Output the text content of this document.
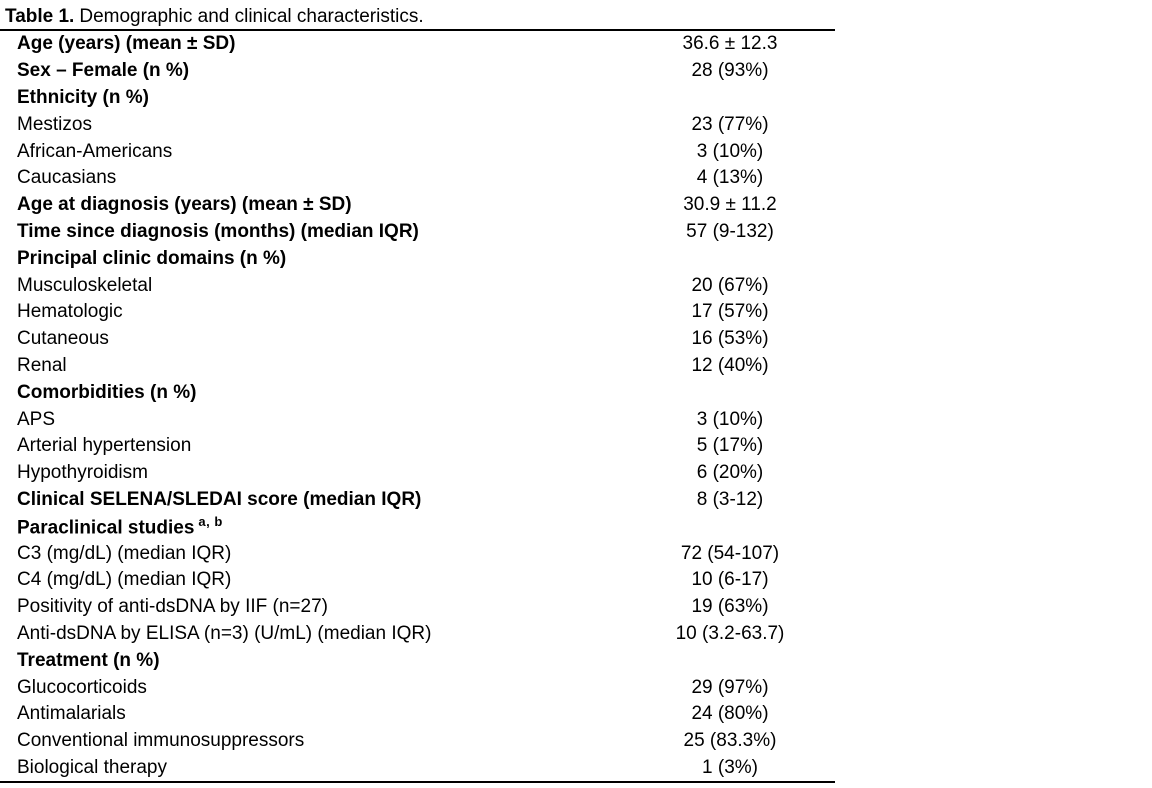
Table 1. Demographic and clinical characteristics.
Age (years) (mean ± SD)	36.6 ± 12.3
Sex – Female (n %)	28 (93%)
Ethnicity (n %)
Mestizos	23 (77%)
African-Americans	3 (10%)
Caucasians	4 (13%)
Age at diagnosis (years) (mean ± SD)	30.9 ± 11.2
Time since diagnosis (months) (median IQR)	57 (9-132)
Principal clinic domains (n %)
Musculoskeletal	20 (67%)
Hematologic	17 (57%)
Cutaneous	16 (53%)
Renal	12 (40%)
Comorbidities (n %)
APS	3 (10%)
Arterial hypertension	5 (17%)
Hypothyroidism	6 (20%)
Clinical SELENA/SLEDAI score (median IQR)	8 (3-12)
Paraclinical studies $^{a, b}$
C3 (mg/dL) (median IQR)	72 (54-107)
C4 (mg/dL) (median IQR)	10 (6-17)
Positivity of anti-dsDNA by IIF (n=27)	19 (63%)
Anti-dsDNA by ELISA (n=3) (U/mL) (median IQR)	10 (3.2-63.7)
Treatment (n %)
Glucocorticoids	29 (97%)
Antimalarials	24 (80%)
Conventional immunosuppressors	25 (83.3%)
Biological therapy	1 (3%)
